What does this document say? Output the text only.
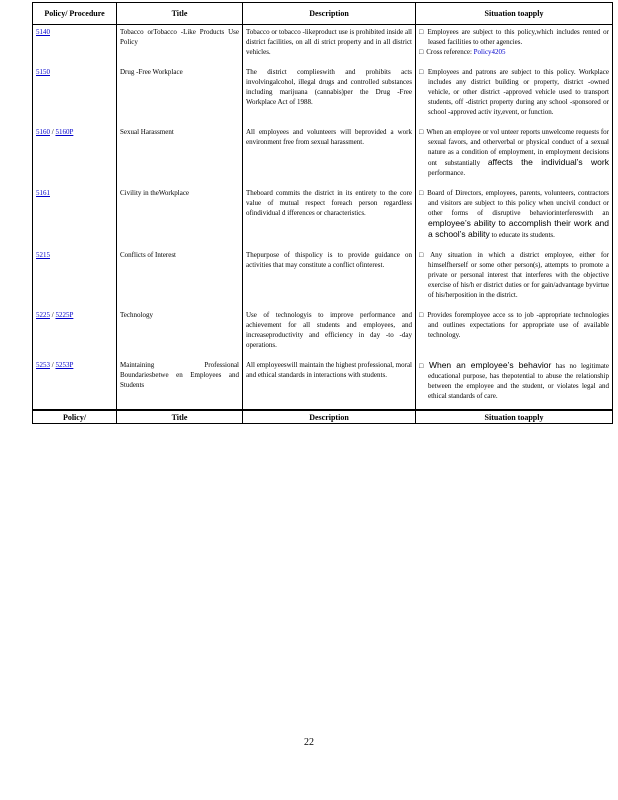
Policy/ Procedure	Title	Description	Situation toapply
5140	Tobacco orTobacco -Like Products Use Policy	Tobacco or tobacco -likeproduct use is prohibited inside all district facilities, on all di strict property and in all district vehicles.	□ Employees are subject to this policy,which includes rented or leased facilities to other agencies.
□ Cross reference: Policy4205

5150	Drug -Free Workplace	The district complieswith and prohibits acts involvingalcohol, illegal drugs and controlled substances including marijuana (cannabis)per the Drug -Free Workplace Act of 1988.	□ Employees and patrons are subject to this policy. Workplace includes any district building or property, district -owned vehicle, or other district -approved vehicle used to transport students, off -district property during any school -sponsored or school -approved activ ity,event, or function.

5160 / 5160P	Sexual Harassment	All employees and volunteers will beprovided a work environment free from sexual harassment.	□ When an employee or vol unteer reports unwelcome requests for sexual favors, and otherverbal or physical conduct of a sexual nature as a condition of employment, in employment decisions ont substantially affects the individual’s work performance.

5161	Civility in theWorkplace	Theboard commits the district in its entirety to the core value of mutual respect foreach person regardless ofindividual d ifferences or characteristics.	□ Board of Directors, employees, parents, volunteers, contractors and visitors are subject to this policy when uncivil conduct or other forms of disruptive behaviorinterfereswith an employee’s ability to accomplish their work and a school’s ability to educate its students.

5215	Conflicts of Interest	Thepurpose of thispolicy is to provide guidance on activities that may constitute a conflict ofinterest.	□ Any situation in which a district employee, either for himselfherself or some other person(s), attempts to promote a private or personal interest that interferes with the objective exercise of his/h er district duties or for gain/advantage byvirtue of his/herposition in the district.

5225 / 5225P	Technology	Use of technologyis to improve performance and achievement for all students and employees, and increaseproductivity and efficiency in day -to -day operations.	□ Provides foremployee acce ss to job -appropriate technologies and outlines expectations for appropriate use of available technology.

5253 / 5253P	Maintaining Professional Boundariesbetwe en Employees and Students	All employeeswill maintain the highest professional, moral and ethical standards in interactions with students.	□ When an employee’s behavior has no legitimate educational purpose, has thepotential to abuse the relationship between the employee and the student, or violates legal and ethical standards of care.

Policy/	Title	Description	Situation toapply
22
